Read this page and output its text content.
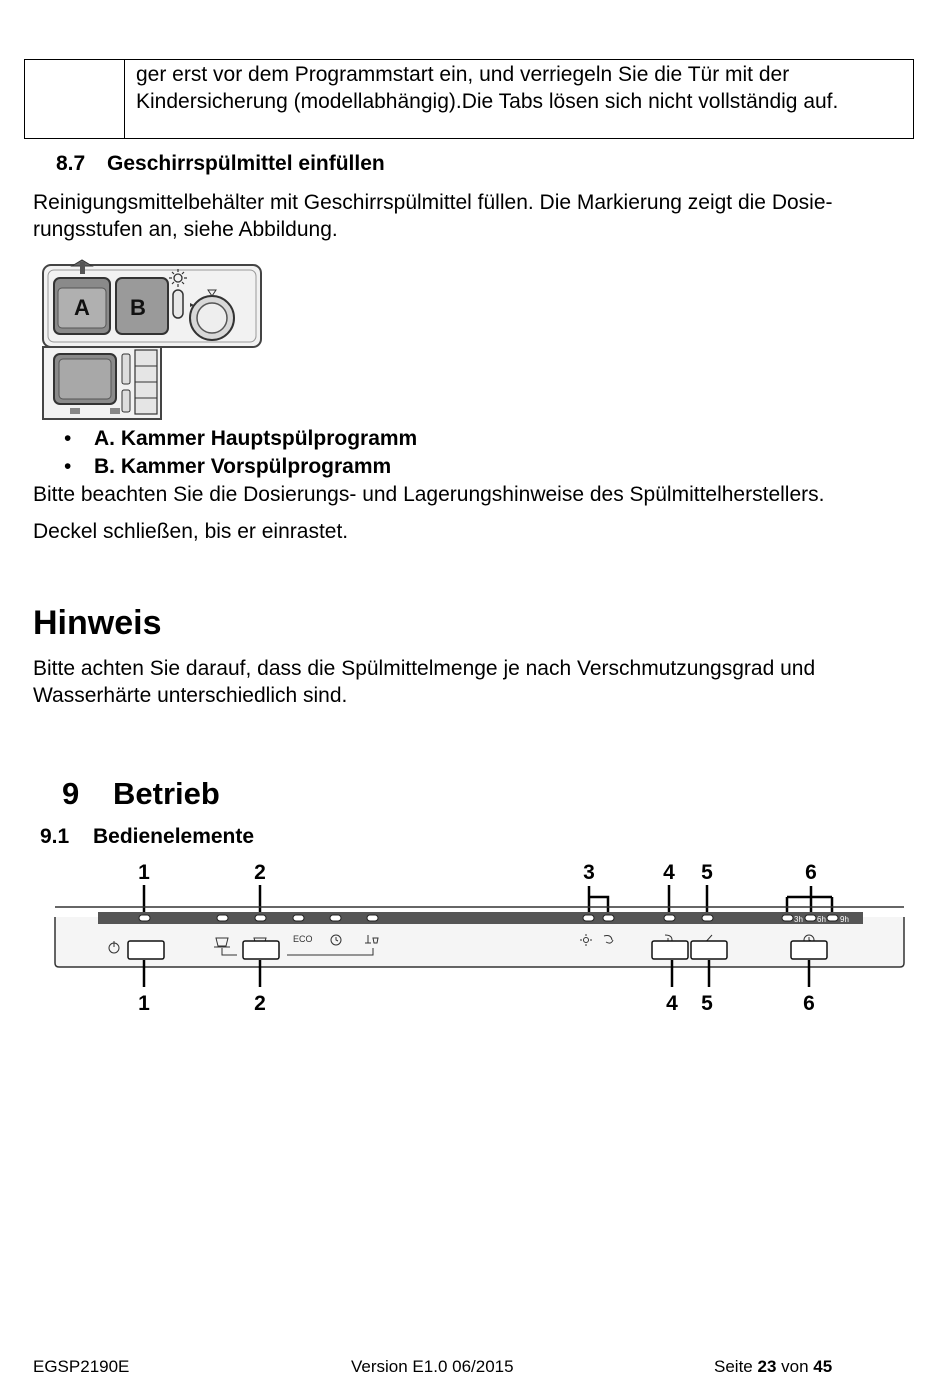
ger erst vor dem Programmstart ein, und verriegeln Sie die Tür mit der Kindersicherung (modellabhängig).Die Tabs lösen sich nicht vollständig auf.
8.7 Geschirrspülmittel einfüllen
Reinigungsmittelbehälter mit Geschirrspülmittel füllen. Die Markierung zeigt die Dosie-
rungsstufen an, siehe Abbildung.
A B
• A. Kammer Hauptspülprogramm
• B. Kammer Vorspülprogramm
Bitte beachten Sie die Dosierungs- und Lagerungshinweise des Spülmittelherstellers.
Deckel schließen, bis er einrastet.
Hinweis
Bitte achten Sie darauf, dass die Spülmittelmenge je nach Verschmutzungsgrad und
Wasserhärte unterschiedlich sind.
9 Betrieb
9.1 Bedienelemente
1	2	3	4 5	6
3h 6h 9h
ECO
1	2	4 5	6
EGSP2190E	Version E1.0 06/2015	Seite 23 von 45
